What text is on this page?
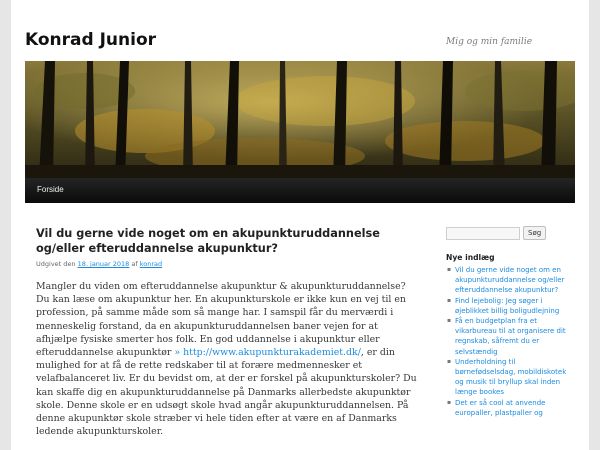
Konrad Junior	Mig og min familie
Forside
Vil du gerne vide noget om en akupunkturuddannelse og/eller efteruddannelse akupunktur?
Udgivet den 18. januar 2018 af konrad
Mangler du viden om efteruddannelse akupunktur & akupunkturuddannelse? Du kan læse om akupunktur her. En akupunkturskole er ikke kun en vej til en profession, på samme måde som så mange har. I samspil får du merværdi i menneskelig forstand, da en akupunkturuddannelsen baner vejen for at afhjælpe fysiske smerter hos folk. En god uddannelse i akupunktur eller efteruddannelse akupunktør » http://www.akupunkturakademiet.dk/, er din mulighed for at få de rette redskaber til at forære medmennesker et velafbalanceret liv. Er du bevidst om, at der er forskel på akupunkturskoler? Du kan skaffe dig en akupunkturuddannelse på Danmarks allerbedste akupunktør skole. Denne skole er en udsøgt skole hvad angår akupunkturuddannelsen. På denne akupunktør skole stræber vi hele tiden efter at være en af Danmarks ledende akupunkturskoler.
Søg
Nye indlæg
▪ Vil du gerne vide noget om en akupunkturuddannelse og/eller efteruddannelse akupunktur?
▪ Find lejebolig: Jeg søger i øjeblikket billig boligudlejning
▪ Få en budgetplan fra et vikarbureau til at organisere dit regnskab, såfremt du er selvstændig
▪ Underholdning til børnefødselsdag, mobildiskotek og musik til bryllup skal inden længe bookes
▪ Det er så cool at anvende europaller, plastpaller og
